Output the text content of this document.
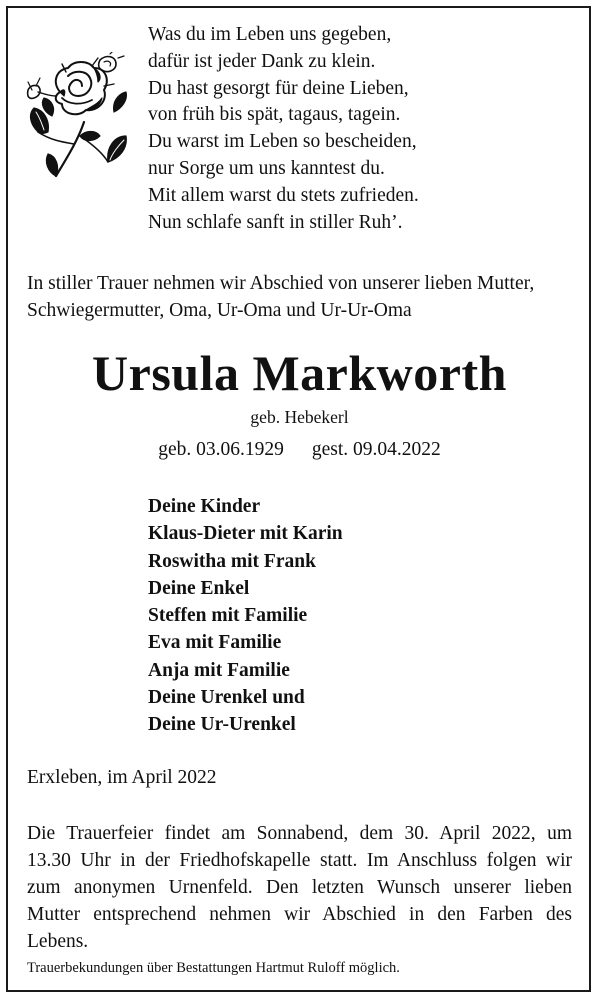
Was du im Leben uns gegeben,
dafür ist jeder Dank zu klein.
Du hast gesorgt für deine Lieben,
von früh bis spät, tagaus, tagein.
Du warst im Leben so bescheiden,
nur Sorge um uns kanntest du.
Mit allem warst du stets zufrieden.
Nun schlafe sanft in stiller Ruh’.
In stiller Trauer nehmen wir Abschied von unserer lieben Mutter,
Schwiegermutter, Oma, Ur-Oma und Ur-Ur-Oma
Ursula Markworth
geb. Hebekerl
geb. 03.06.1929 gest. 09.04.2022
Deine Kinder
Klaus-Dieter mit Karin
Roswitha mit Frank
Deine Enkel
Steffen mit Familie
Eva mit Familie
Anja mit Familie
Deine Urenkel und
Deine Ur-Urenkel
Erxleben, im April 2022
Die Trauerfeier findet am Sonnabend, dem 30. April 2022, um
13.30 Uhr in der Friedhofskapelle statt. Im Anschluss folgen wir
zum anonymen Urnenfeld. Den letzten Wunsch unserer lieben
Mutter entsprechend nehmen wir Abschied in den Farben des
Lebens.
Trauerbekundungen über Bestattungen Hartmut Ruloff möglich.
